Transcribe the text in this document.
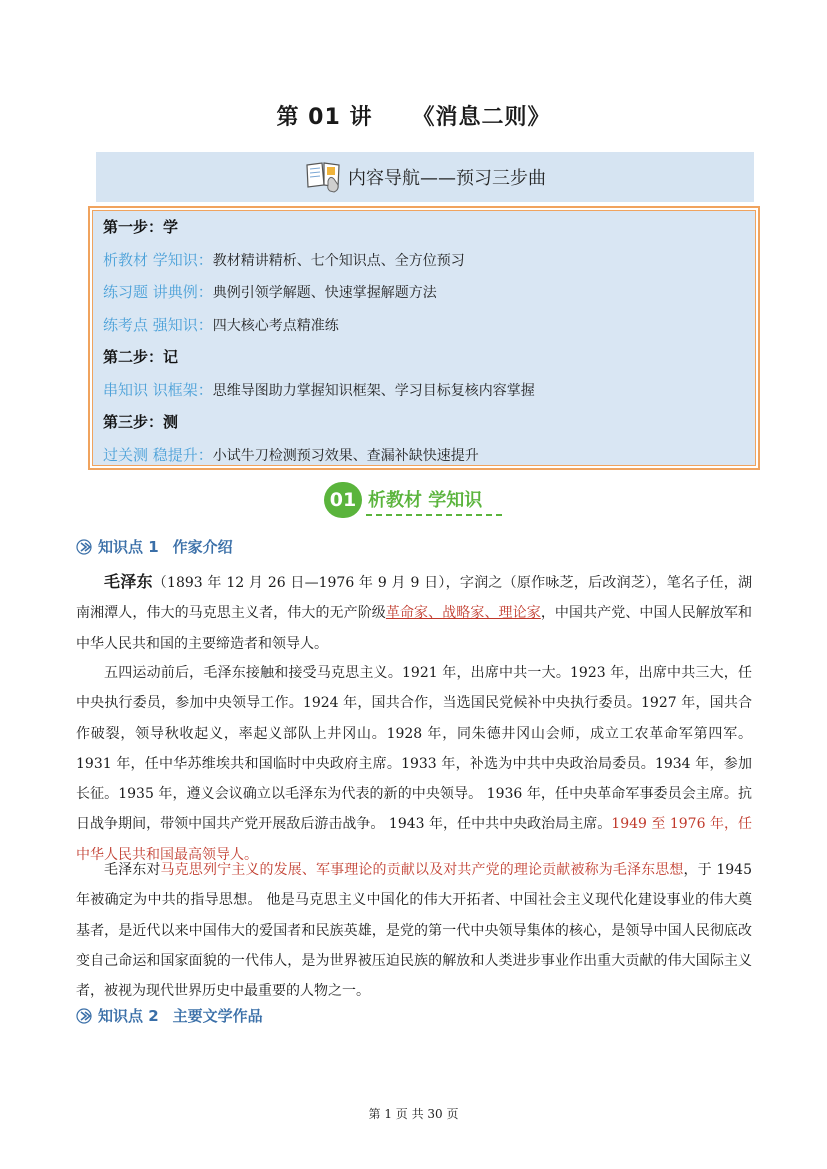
第 01 讲 《消息二则》
内容导航——预习三步曲
第一步：学
析教材 学知识：教材精讲精析、七个知识点、全方位预习
练习题 讲典例：典例引领学解题、快速掌握解题方法
练考点 强知识：四大核心考点精准练
第二步：记
串知识 识框架：思维导图助力掌握知识框架、学习目标复核内容掌握
第三步：测
过关测 稳提升：小试牛刀检测预习效果、查漏补缺快速提升
01 析教材 学知识
知识点 1 作家介绍
毛泽东（1893 年 12 月 26 日—1976 年 9 月 9 日），字润之（原作咏芝，后改润芝），笔名子任，湖南湘潭人，伟大的马克思主义者，伟大的无产阶级革命家、战略家、理论家，中国共产党、中国人民解放军和中华人民共和国的主要缔造者和领导人。
五四运动前后，毛泽东接触和接受马克思主义。1921 年，出席中共一大。1923 年，出席中共三大，任中央执行委员，参加中央领导工作。1924 年，国共合作，当选国民党候补中央执行委员。1927 年，国共合作破裂，领导秋收起义，率起义部队上井冈山。1928 年，同朱德井冈山会师，成立工农革命军第四军。1931 年，任中华苏维埃共和国临时中央政府主席。1933 年，补选为中共中央政治局委员。1934 年，参加长征。1935 年，遵义会议确立以毛泽东为代表的新的中央领导。 1936 年，任中央革命军事委员会主席。抗日战争期间，带领中国共产党开展敌后游击战争。 1943 年，任中共中央政治局主席。1949 至 1976 年，任中华人民共和国最高领导人。
毛泽东对马克思列宁主义的发展、军事理论的贡献以及对共产党的理论贡献被称为毛泽东思想，于 1945 年被确定为中共的指导思想。 他是马克思主义中国化的伟大开拓者、中国社会主义现代化建设事业的伟大奠基者，是近代以来中国伟大的爱国者和民族英雄，是党的第一代中央领导集体的核心，是领导中国人民彻底改变自己命运和国家面貌的一代伟人，是为世界被压迫民族的解放和人类进步事业作出重大贡献的伟大国际主义者，被视为现代世界历史中最重要的人物之一。
知识点 2 主要文学作品
第 1 页 共 30 页
